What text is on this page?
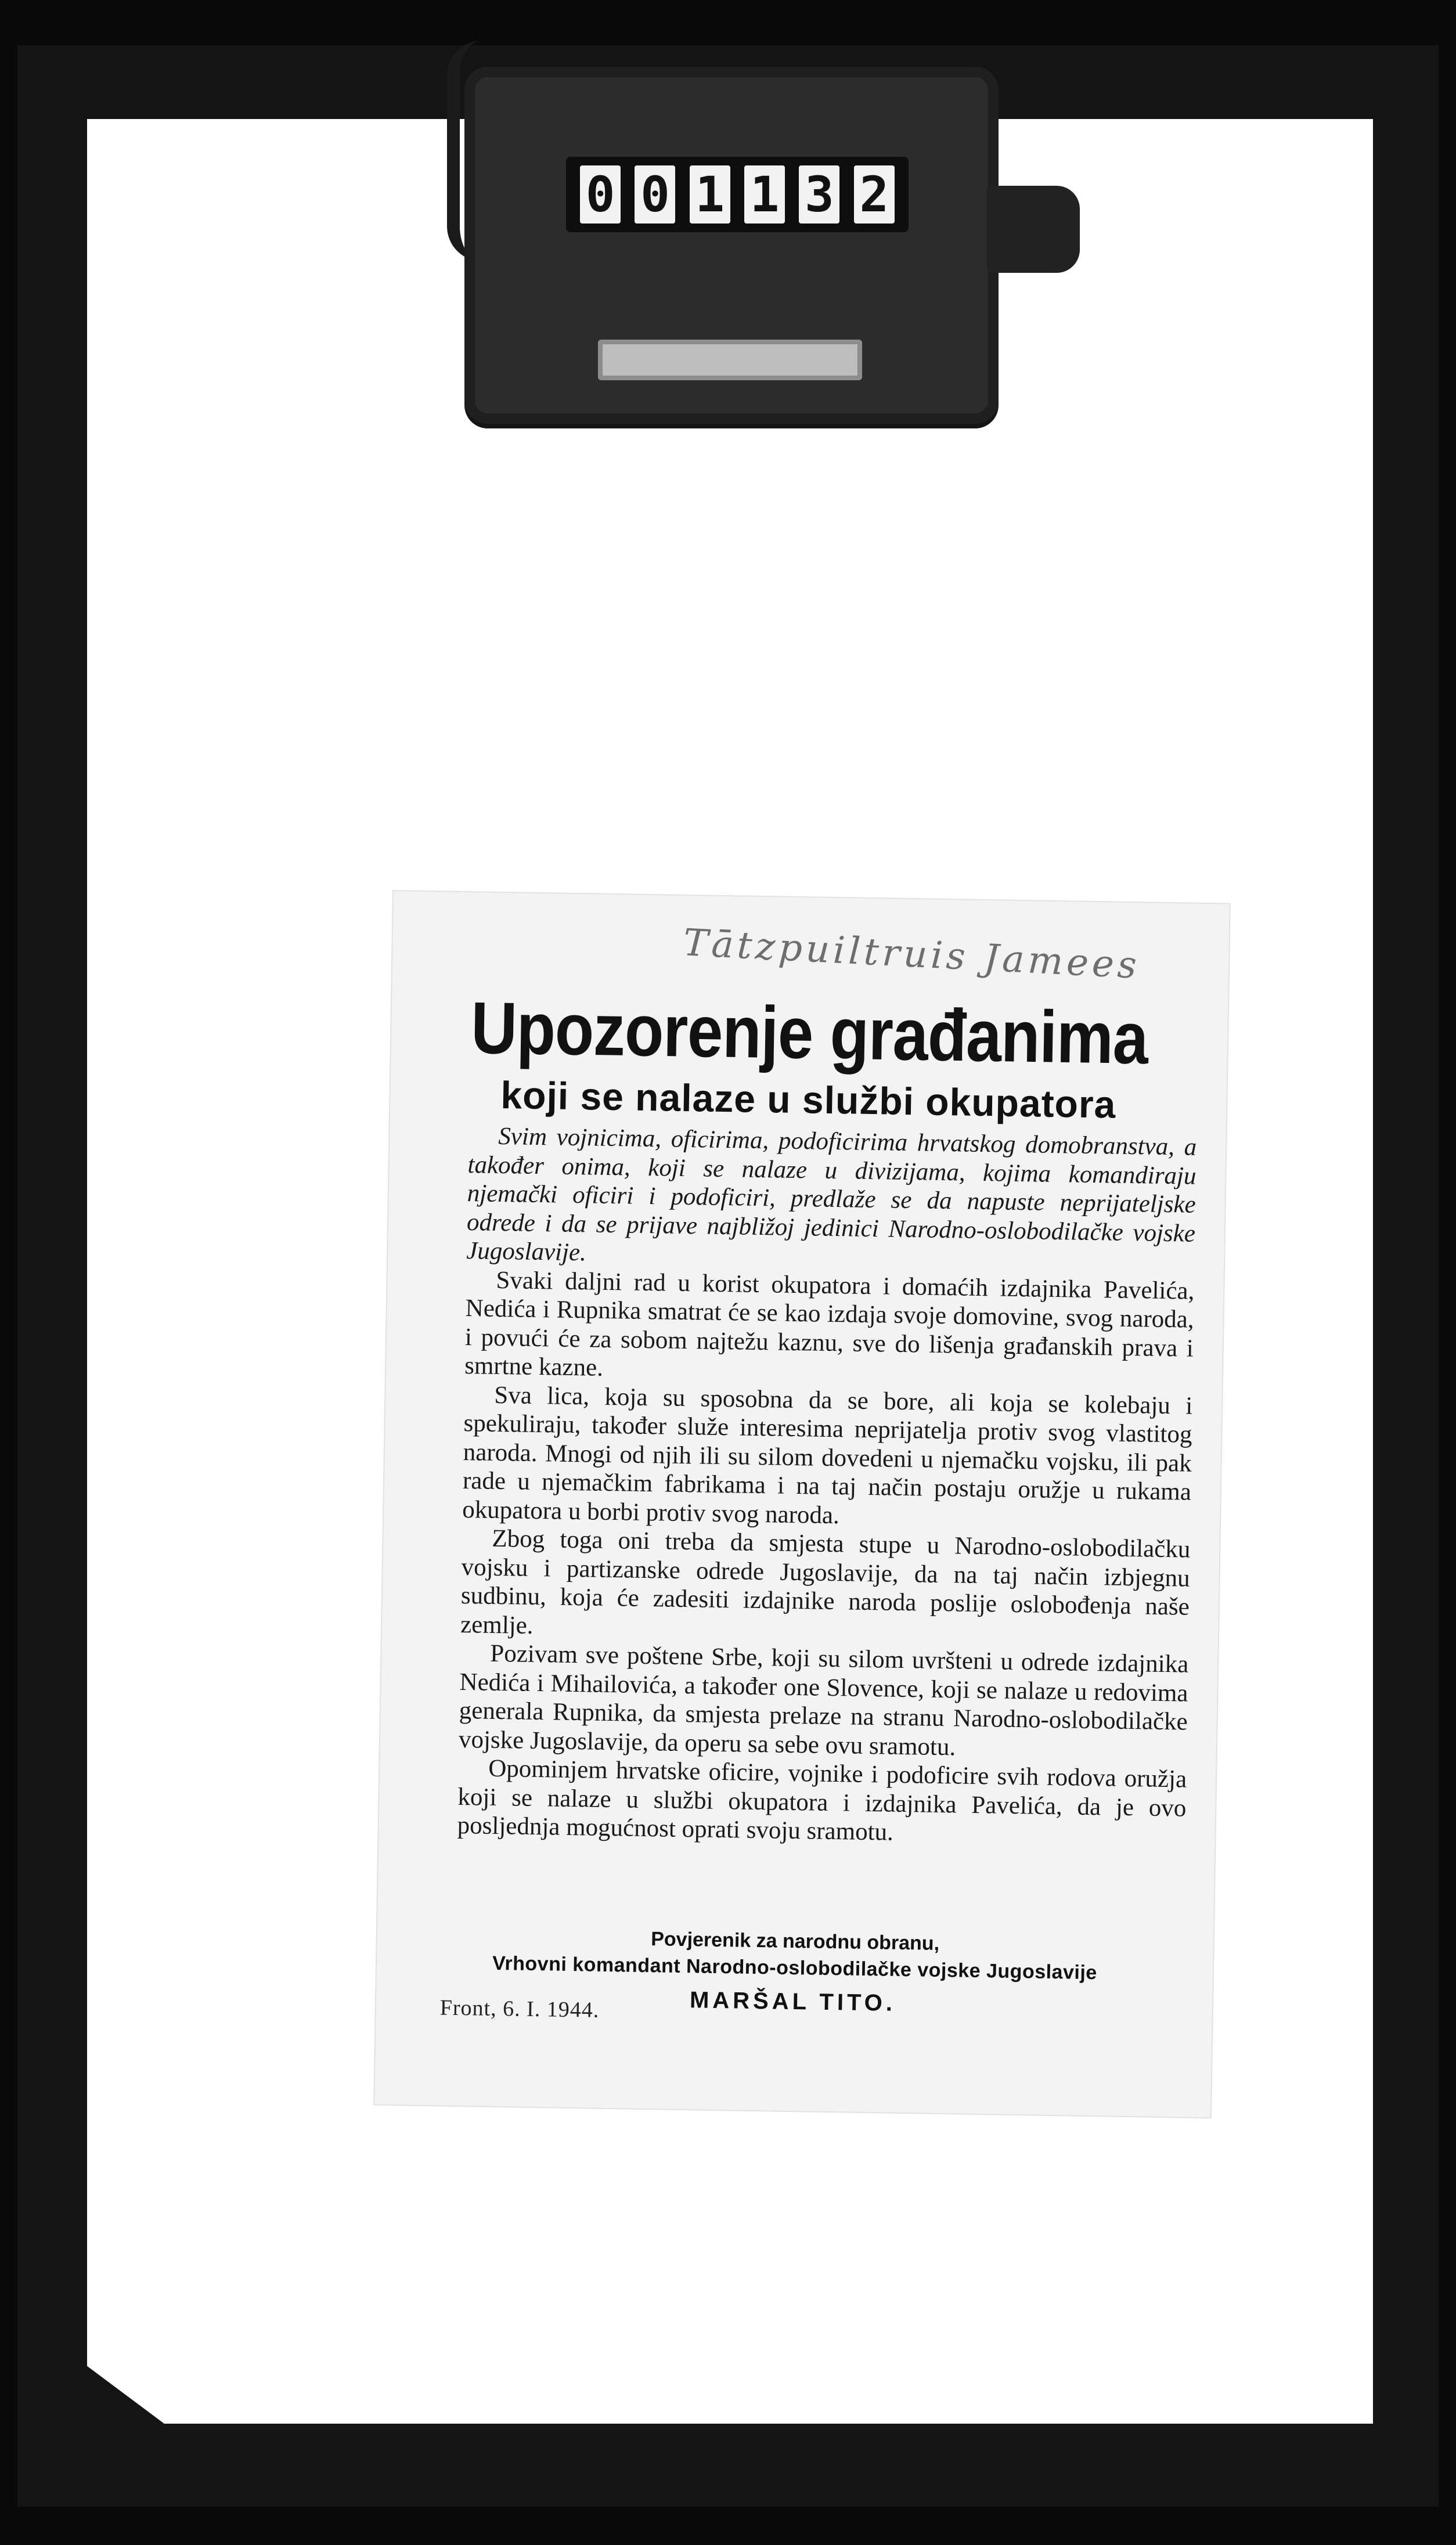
0 0 1 1 3 2
Tātzpuiltruis Jamees
Upozorenje građanima
koji se nalaze u službi okupatora

Svim vojnicima, oficirima, podoficirima hrvatskog domobranstva, a također onima, koji se nalaze u divizijama, kojima komandiraju njemački oficiri i podoficiri, predlaže se da napuste neprijateljske odrede i da se prijave najbližoj jedinici Narodno-oslobodilačke vojske Jugoslavije.

Svaki daljni rad u korist okupatora i domaćih izdajnika Pavelića, Nedića i Rupnika smatrat će se kao izdaja svoje domovine, svog naroda, i povući će za sobom najtežu kaznu, sve do lišenja građanskih prava i smrtne kazne.

Sva lica, koja su sposobna da se bore, ali koja se kolebaju i spekuliraju, također služe interesima neprijatelja protiv svog vlastitog naroda. Mnogi od njih ili su silom dovedeni u njemačku vojsku, ili pak rade u njemačkim fabrikama i na taj način postaju oružje u rukama okupatora u borbi protiv svog naroda.

Zbog toga oni treba da smjesta stupe u Narodno-oslobodilačku vojsku i partizanske odrede Jugoslavije, da na taj način izbjegnu sudbinu, koja će zadesiti izdajnike naroda poslije oslobođenja naše zemlje.

Pozivam sve poštene Srbe, koji su silom uvršteni u odrede izdajnika Nedića i Mihailovića, a također one Slovence, koji se nalaze u redovima generala Rupnika, da smjesta prelaze na stranu Narodno-oslobodilačke vojske Jugoslavije, da operu sa sebe ovu sramotu.

Opominjem hrvatske oficire, vojnike i podoficire svih rodova oružja koji se nalaze u službi okupatora i izdajnika Pavelića, da je ovo posljednja mogućnost oprati svoju sramotu.

Povjerenik za narodnu obranu,
Vrhovni komandant Narodno-oslobodilačke vojske Jugoslavije
MARŠAL TITO.
Front, 6. I. 1944.
